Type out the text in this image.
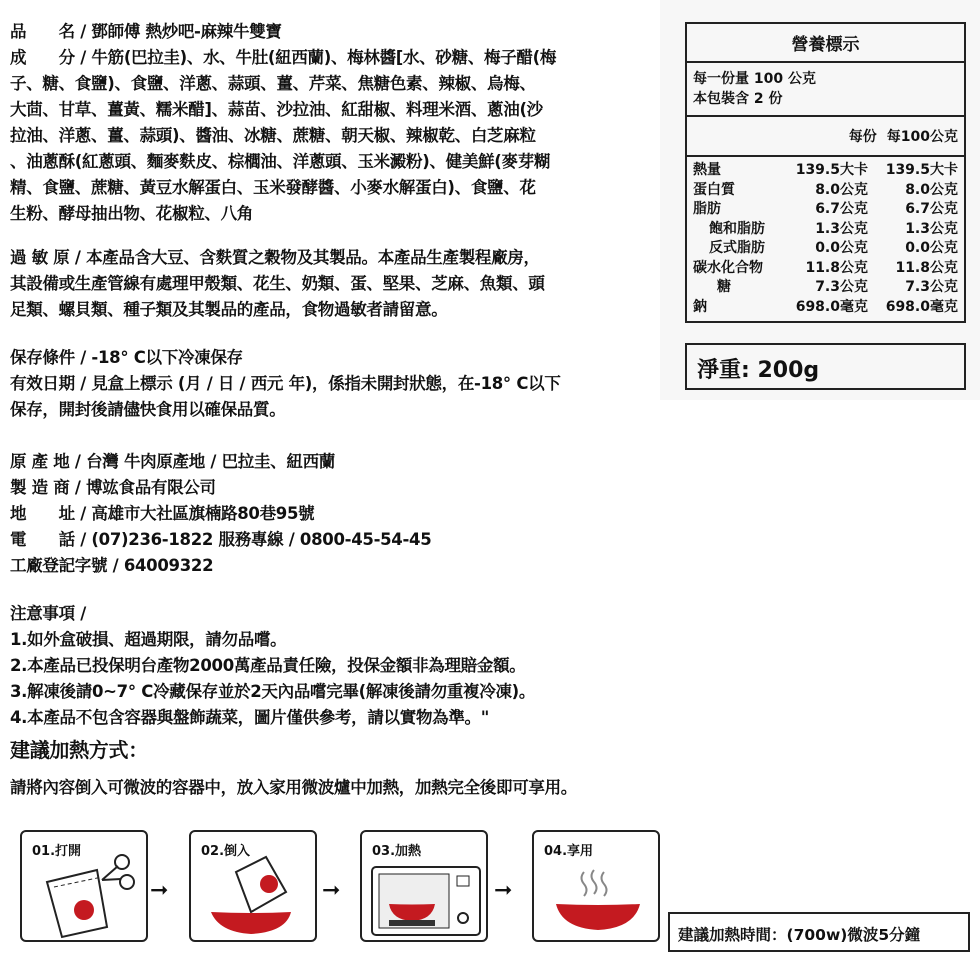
品　　名 / 鄧師傅 熱炒吧-麻辣牛雙寶
成　　分 / 牛筋(巴拉圭)、水、牛肚(紐西蘭)、梅林醬[水、砂糖、梅子醋(梅
子、糖、食鹽)、食鹽、洋蔥、蒜頭、薑、芹菜、焦糖色素、辣椒、烏梅、
大茴、甘草、薑黃、糯米醋]、蒜苗、沙拉油、紅甜椒、料理米酒、蔥油(沙
拉油、洋蔥、薑、蒜頭)、醬油、冰糖、蔗糖、朝天椒、辣椒乾、白芝麻粒
、油蔥酥(紅蔥頭、麵麥麩皮、棕櫚油、洋蔥頭、玉米澱粉)、健美鮮(麥芽糊
精、食鹽、蔗糖、黃豆水解蛋白、玉米發酵醬、小麥水解蛋白)、食鹽、花
生粉、酵母抽出物、花椒粒、八角
過 敏 原 / 本產品含大豆、含麩質之穀物及其製品。本產品生產製程廠房，
其設備或生產管線有處理甲殼類、花生、奶類、蛋、堅果、芝麻、魚類、頭
足類、螺貝類、種子類及其製品的產品，食物過敏者請留意。
保存條件 / -18° C以下冷凍保存
有效日期 / 見盒上標示 (月 / 日 / 西元 年)，係指未開封狀態，在-18° C以下
保存，開封後請儘快食用以確保品質。
原 產 地 / 台灣 牛肉原產地 / 巴拉圭、紐西蘭
製 造 商 / 博竑食品有限公司
地　　址 / 高雄市大社區旗楠路80巷95號
電　　話 / (07)236-1822 服務專線 / 0800-45-54-45
工廠登記字號 / 64009322
注意事項 /
1.如外盒破損、超過期限，請勿品嚐。
2.本產品已投保明台產物2000萬產品責任險，投保金額非為理賠金額。
3.解凍後請0~7° C冷藏保存並於2天內品嚐完畢(解凍後請勿重複冷凍)。
4.本產品不包含容器與盤飾蔬菜，圖片僅供參考，請以實物為準。"
建議加熱方式：
請將內容倒入可微波的容器中，放入家用微波爐中加熱，加熱完全後即可享用。
營養標示
每一份量 100 公克
本包裝含 2 份
每份 每100公克
熱量	139.5大卡	139.5大卡
蛋白質	8.0公克	8.0公克
脂肪	6.7公克	6.7公克
飽和脂肪	1.3公克	1.3公克
反式脂肪	0.0公克	0.0公克
碳水化合物	11.8公克	11.8公克
糖	7.3公克	7.3公克
鈉	698.0毫克	698.0毫克
淨重: 200g
01.打開
➞
02.倒入
➞
03.加熱
➞
04.享用
建議加熱時間：(700w)微波5分鐘
